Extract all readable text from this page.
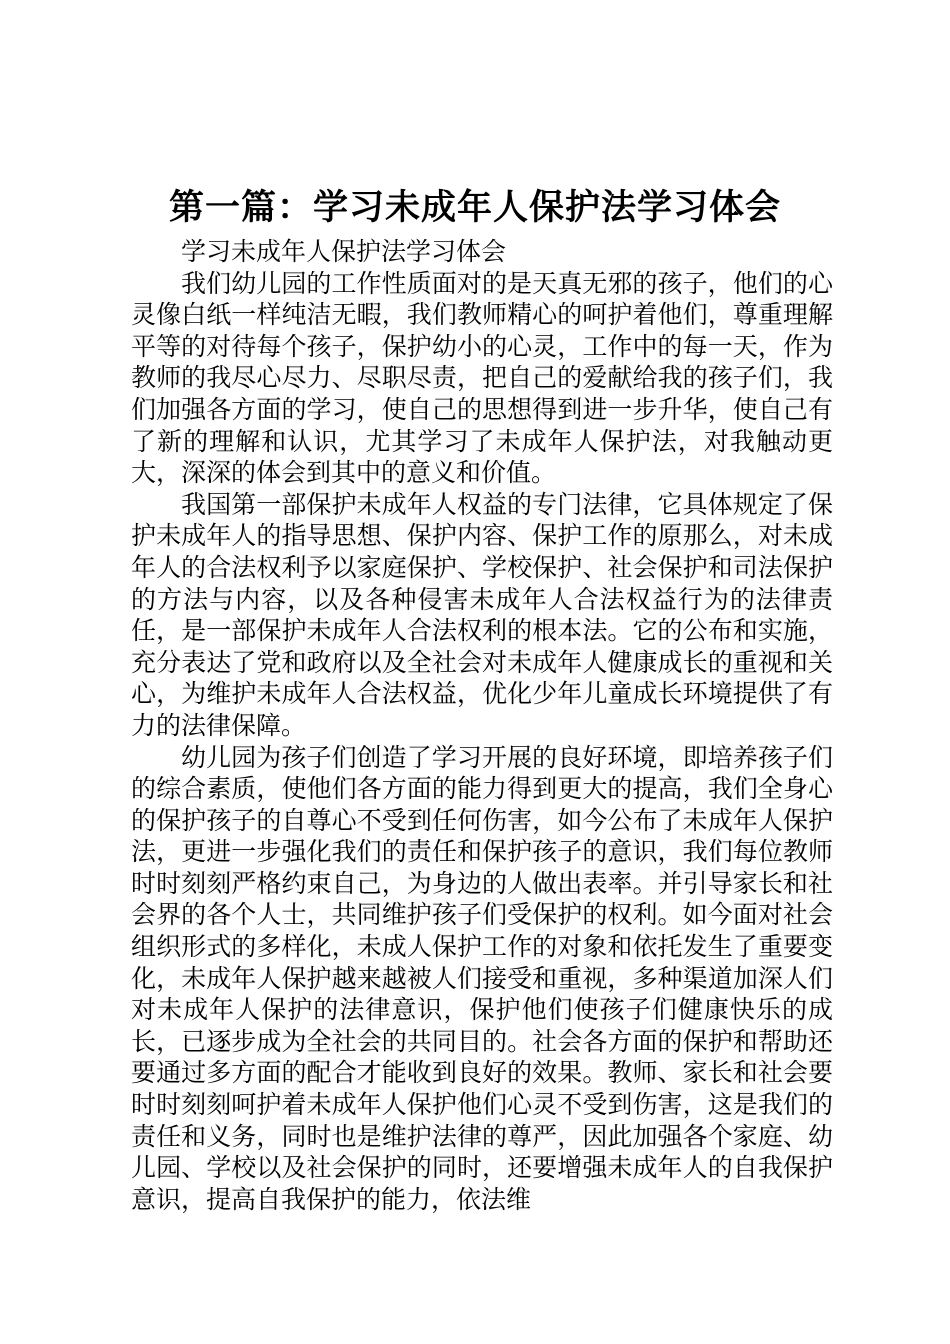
第一篇：学习未成年人保护法学习体会

学习未成年人保护法学习体会

我们幼儿园的工作性质面对的是天真无邪的孩子，他们的心灵像白纸一样纯洁无暇，我们教师精心的呵护着他们，尊重理解平等的对待每个孩子，保护幼小的心灵，工作中的每一天，作为教师的我尽心尽力、尽职尽责，把自己的爱献给我的孩子们，我们加强各方面的学习，使自己的思想得到进一步升华，使自己有了新的理解和认识，尤其学习了未成年人保护法，对我触动更大，深深的体会到其中的意义和价值。

我国第一部保护未成年人权益的专门法律，它具体规定了保护未成年人的指导思想、保护内容、保护工作的原那么，对未成年人的合法权利予以家庭保护、学校保护、社会保护和司法保护的方法与内容，以及各种侵害未成年人合法权益行为的法律责任，是一部保护未成年人合法权利的根本法。它的公布和实施，充分表达了党和政府以及全社会对未成年人健康成长的重视和关心，为维护未成年人合法权益，优化少年儿童成长环境提供了有力的法律保障。

幼儿园为孩子们创造了学习开展的良好环境，即培养孩子们的综合素质，使他们各方面的能力得到更大的提高，我们全身心的保护孩子的自尊心不受到任何伤害，如今公布了未成年人保护法，更进一步强化我们的责任和保护孩子的意识，我们每位教师时时刻刻严格约束自己，为身边的人做出表率。并引导家长和社会界的各个人士，共同维护孩子们受保护的权利。如今面对社会组织形式的多样化，未成人保护工作的对象和依托发生了重要变化，未成年人保护越来越被人们接受和重视，多种渠道加深人们对未成年人保护的法律意识，保护他们使孩子们健康快乐的成长，已逐步成为全社会的共同目的。社会各方面的保护和帮助还要通过多方面的配合才能收到良好的效果。教师、家长和社会要时时刻刻呵护着未成年人保护他们心灵不受到伤害，这是我们的责任和义务，同时也是维护法律的尊严，因此加强各个家庭、幼儿园、学校以及社会保护的同时，还要增强未成年人的自我保护意识，提高自我保护的能力，依法维
